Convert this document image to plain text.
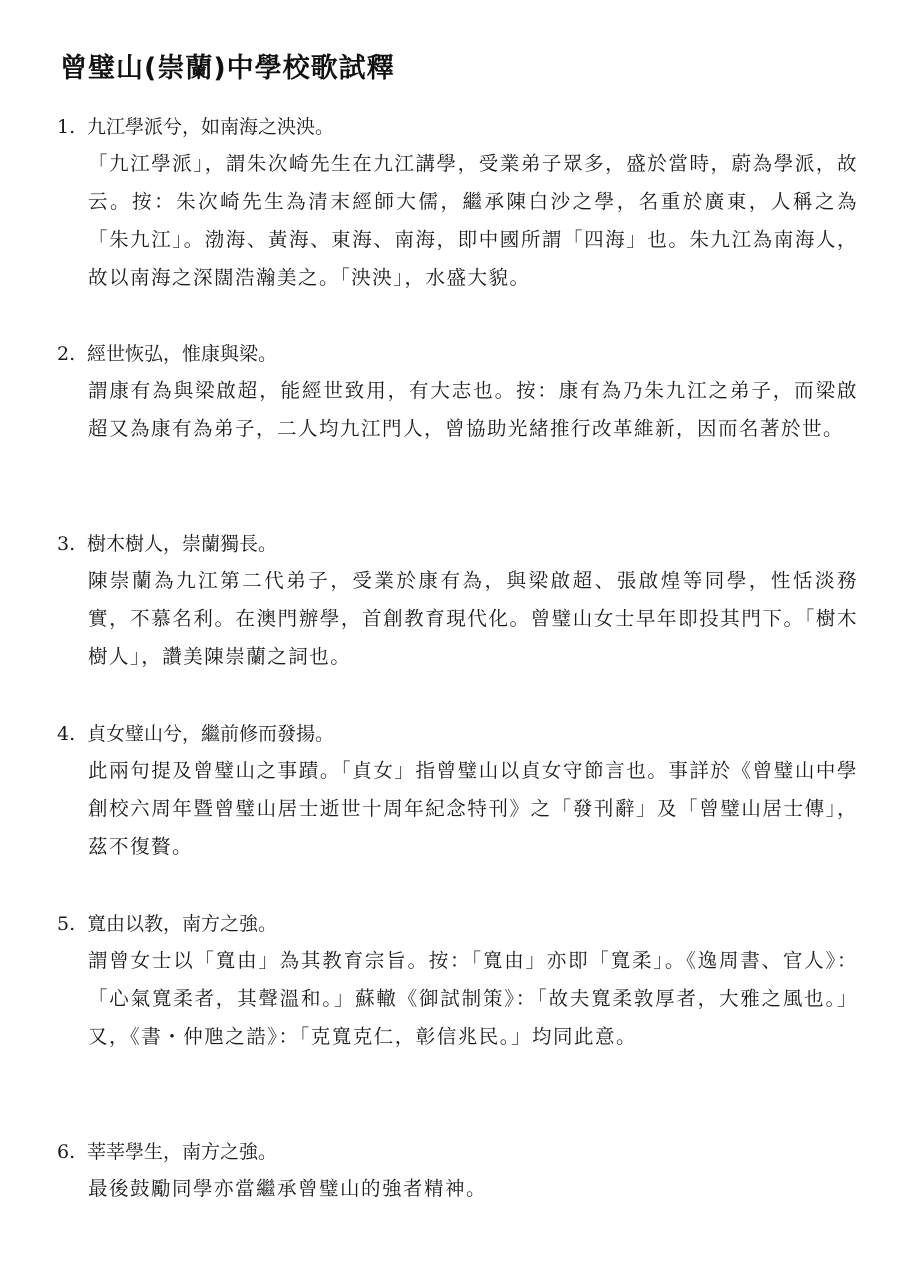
曾璧山(崇蘭)中學校歌試釋
1. 九江學派兮，如南海之泱泱。
「九江學派」，謂朱次崎先生在九江講學，受業弟子眾多，盛於當時，蔚為學派，故云。按：朱次崎先生為清末經師大儒，繼承陳白沙之學，名重於廣東，人稱之為「朱九江」。渤海、黃海、東海、南海，即中國所謂「四海」也。朱九江為南海人，故以南海之深闊浩瀚美之。「泱泱」，水盛大貌。
2. 經世恢弘，惟康與梁。
謂康有為與梁啟超，能經世致用，有大志也。按：康有為乃朱九江之弟子，而梁啟超又為康有為弟子，二人均九江門人，曾協助光緒推行改革維新，因而名著於世。
3. 樹木樹人，崇蘭獨長。
陳崇蘭為九江第二代弟子，受業於康有為，與梁啟超、張啟煌等同學，性恬淡務實，不慕名利。在澳門辦學，首創教育現代化。曾璧山女士早年即投其門下。「樹木樹人」，讚美陳崇蘭之詞也。
4. 貞女璧山兮，繼前修而發揚。
此兩句提及曾璧山之事蹟。「貞女」指曾璧山以貞女守節言也。事詳於《曾璧山中學創校六周年暨曾璧山居士逝世十周年紀念特刊》之「發刊辭」及「曾璧山居士傳」，茲不復贅。
5. 寬由以教，南方之強。
謂曾女士以「寬由」為其教育宗旨。按：「寬由」亦即「寬柔」。《逸周書、官人》：「心氣寬柔者，其聲溫和。」蘇轍《御試制策》：「故夫寬柔敦厚者，大雅之風也。」又，《書・仲虺之誥》：「克寬克仁，彰信兆民。」均同此意。
6. 莘莘學生，南方之強。
最後鼓勵同學亦當繼承曾璧山的強者精神。
